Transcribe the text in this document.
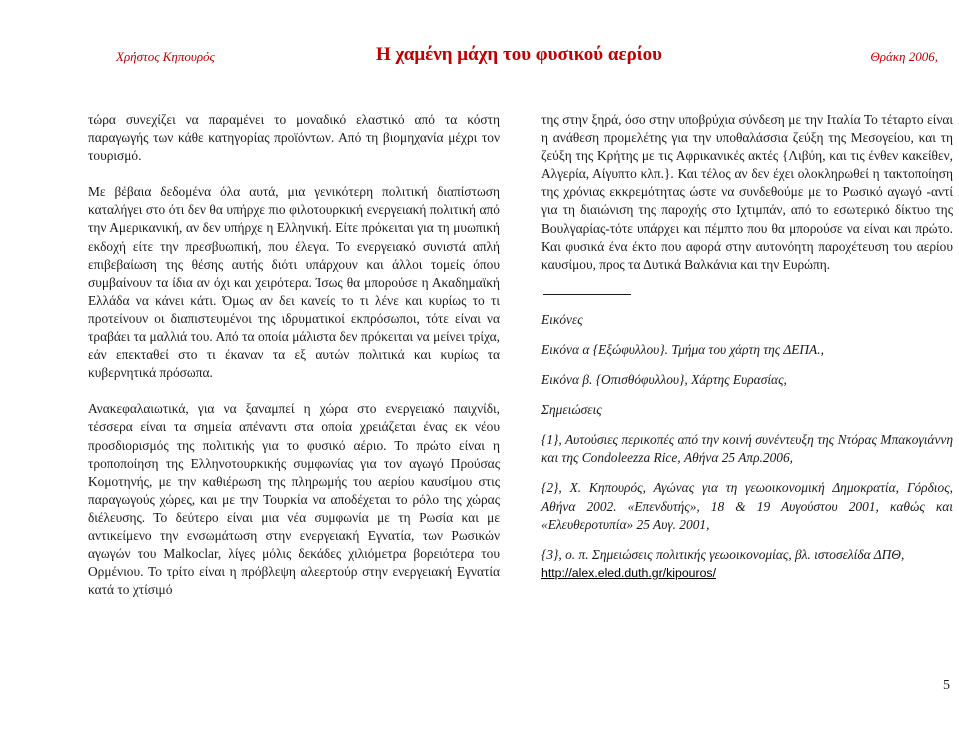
Χρήστος Κηπουρός	Η χαμένη μάχη του φυσικού αερίου	Θράκη 2006,

τώρα συνεχίζει να παραμένει το μοναδικό ελαστικό από τα κόστη παραγωγής των κάθε κατηγορίας προϊόντων. Από τη βιομηχανία μέχρι τον τουρισμό.

Με βέβαια δεδομένα όλα αυτά, μια γενικότερη πολιτική διαπίστωση καταλήγει στο ότι δεν θα υπήρχε πιο φιλοτουρκική ενεργειακή πολιτική από την Αμερικανική, αν δεν υπήρχε η Ελληνική. Είτε πρόκειται για τη μυωπική εκδοχή είτε την πρεσβυωπική, που έλεγα. Το ενεργειακό συνιστά απλή επιβεβαίωση της θέσης αυτής διότι υπάρχουν και άλλοι τομείς όπου συμβαίνουν τα ίδια αν όχι και χειρότερα. Ίσως θα μπορούσε η Ακαδημαϊκή Ελλάδα να κάνει κάτι. Όμως αν δει κανείς το τι λένε και κυρίως το τι προτείνουν οι διαπιστευμένοι της ιδρυματικοί εκπρόσωποι, τότε είναι να τραβάει τα μαλλιά του. Από τα οποία μάλιστα δεν πρόκειται να μείνει τρίχα, εάν επεκταθεί στο τι έκαναν τα εξ αυτών πολιτικά και κυρίως τα κυβερνητικά πρόσωπα.

Ανακεφαλαιωτικά, για να ξαναμπεί η χώρα στο ενεργειακό παιχνίδι, τέσσερα είναι τα σημεία απέναντι στα οποία χρειάζεται ένας εκ νέου προσδιορισμός της πολιτικής για το φυσικό αέριο. Το πρώτο είναι η τροποποίηση της Ελληνοτουρκικής συμφωνίας για τον αγωγό Προύσας Κομοτηνής, με την καθιέρωση της πληρωμής του αερίου καυσίμου στις παραγωγούς χώρες, και με την Τουρκία να αποδέχεται το ρόλο της χώρας διέλευσης. Το δεύτερο είναι μια νέα συμφωνία με τη Ρωσία και με αντικείμενο την ενσωμάτωση στην ενεργειακή Εγνατία, των Ρωσικών αγωγών του Malkoclar, λίγες μόλις δεκάδες χιλιόμετρα βορειότερα του Ορμένιου. Το τρίτο είναι η πρόβλεψη αλεερτούρ στην ενεργειακή Εγνατία κατά το χτίσιμό

της στην ξηρά, όσο στην υποβρύχια σύνδεση με την Ιταλία Το τέταρτο είναι η ανάθεση προμελέτης για την υποθαλάσσια ζεύξη της Μεσογείου, και τη ζεύξη της Κρήτης με τις Αφρικανικές ακτές {Λιβύη, και τις ένθεν κακείθεν, Αλγερία, Αίγυπτο κλπ.}. Και τέλος αν δεν έχει ολοκληρωθεί η τακτοποίηση της χρόνιας εκκρεμότητας ώστε να συνδεθούμε με το Ρωσικό αγωγό -αντί για τη διαιώνιση της παροχής στο Ιχτιμπάν, από το εσωτερικό δίκτυο της Βουλγαρίας-τότε υπάρχει και πέμπτο που θα μπορούσε να είναι και πρώτο. Και φυσικά ένα έκτο που αφορά στην αυτονόητη παροχέτευση του αερίου καυσίμου, προς τα Δυτικά Βαλκάνια και την Ευρώπη.

Εικόνες

Εικόνα α {Εξώφυλλου}. Τμήμα του χάρτη της ΔΕΠΑ.,

Εικόνα β. {Οπισθόφυλλου}, Χάρτης Ευρασίας,

Σημειώσεις

{1}, Αυτούσιες περικοπές από την κοινή συνέντευξη της Ντόρας Μπακογιάννη και της Condoleezza Rice, Αθήνα 25 Απρ.2006,

{2}, Χ. Κηπουρός, Αγώνας για τη γεωοικονομική Δημοκρατία, Γόρδιος, Αθήνα 2002. «Επενδυτής», 18 & 19 Αυγούστου 2001, καθώς και «Ελευθεροτυπία» 25 Αυγ. 2001,

{3}, ο. π. Σημειώσεις πολιτικής γεωοικονομίας, βλ. ιστοσελίδα ΔΠΘ,
http://alex.eled.duth.gr/kipouros/

5
